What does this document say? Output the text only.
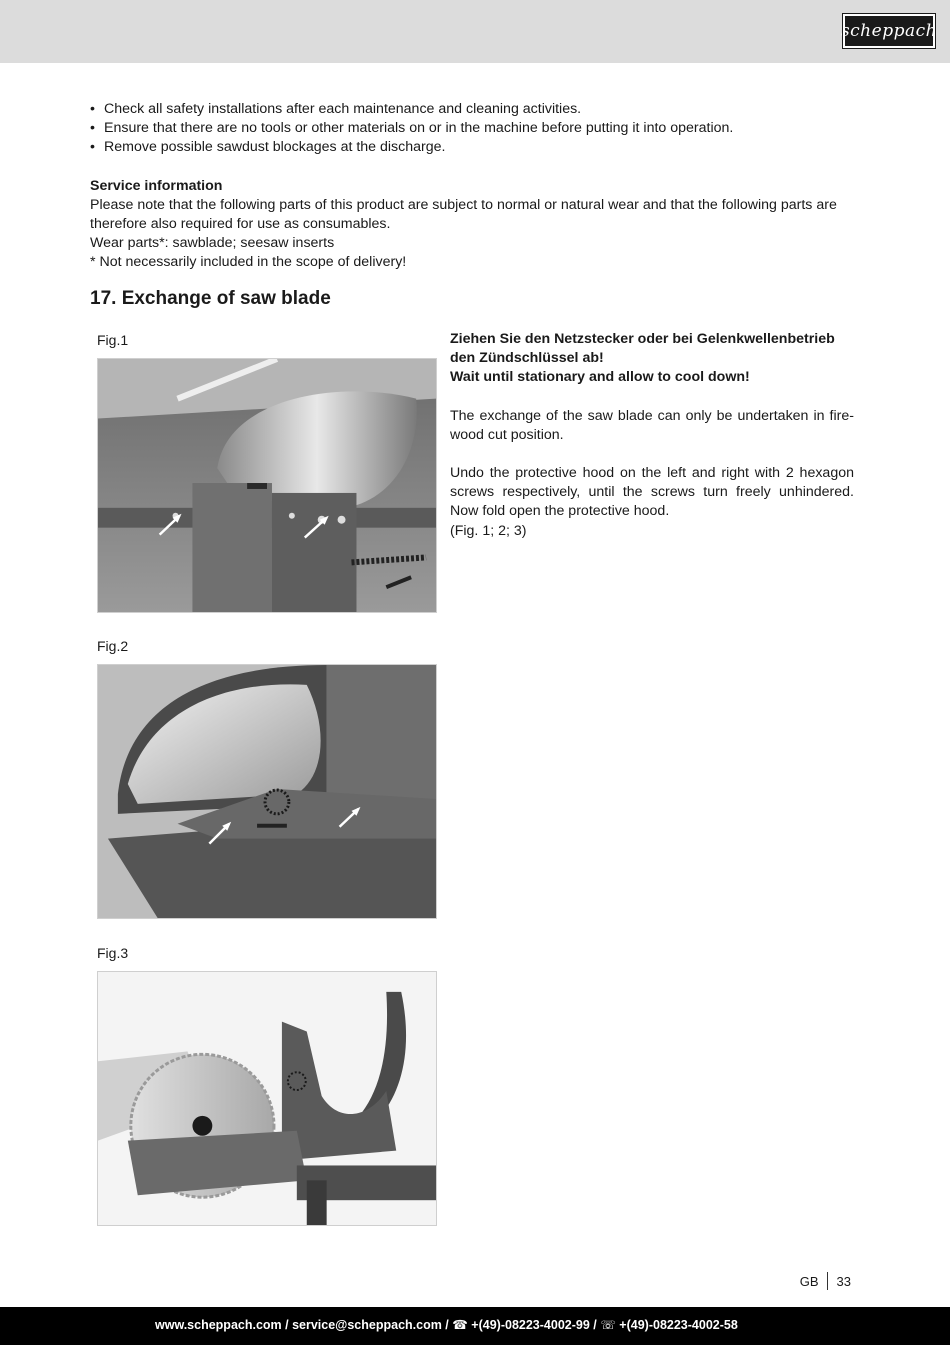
scheppach
• Check all safety installations after each maintenance and cleaning activities.
• Ensure that there are no tools or other materials on or in the machine before putting it into operation.
• Remove possible sawdust blockages at the discharge.
Service information
Please note that the following parts of this product are subject to normal or natural wear and that the following parts are therefore also required for use as consumables.
Wear parts*: sawblade; seesaw inserts
* Not necessarily included in the scope of delivery!
17. Exchange of saw blade
Fig.1
Fig.2
Fig.3

Ziehen Sie den Netzstecker oder bei Gelenkwellenbetrieb den Zündschlüssel ab!
Wait until stationary and allow to cool down!

The exchange of the saw blade can only be undertaken in fire-wood cut position.

Undo the protective hood on the left and right with 2 hexagon screws respectively, until the screws turn freely unhindered. Now fold open the protective hood.
(Fig. 1; 2; 3)

GB 33
www.scheppach.com / service@scheppach.com / ☎ +(49)-08223-4002-99 / ☏ +(49)-08223-4002-58
